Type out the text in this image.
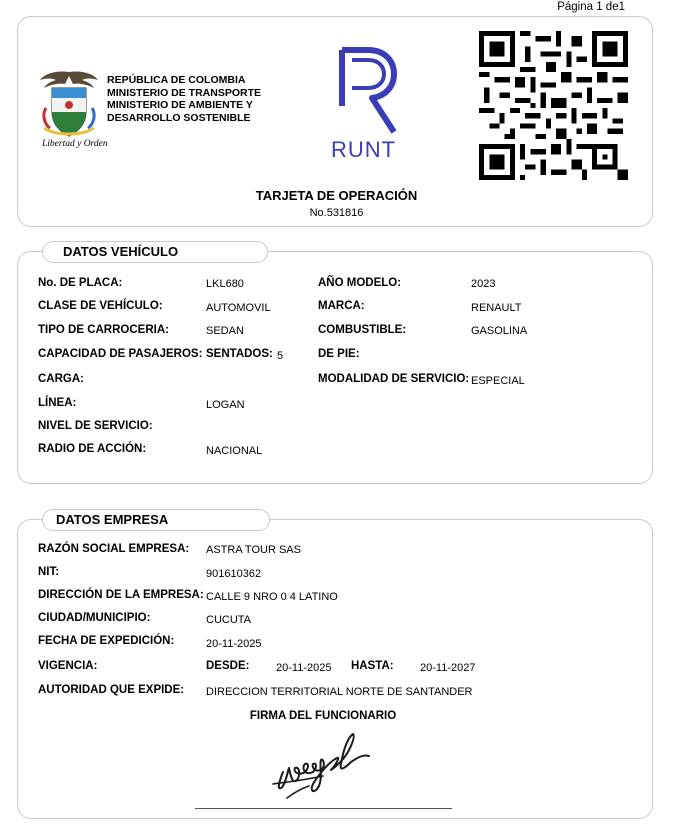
Página 1 de1
Libertad y Orden
REPÚBLICA DE COLOMBIA
MINISTERIO DE TRANSPORTE
MINISTERIO DE AMBIENTE Y
DESARROLLO SOSTENIBLE
RUNT
TARJETA DE OPERACIÓN
No.531816
DATOS VEHÍCULO
No. DE PLACA:	LKL680	AÑO MODELO:	2023
CLASE DE VEHÍCULO:	AUTOMOVIL	MARCA:	RENAULT
TIPO DE CARROCERIA:	SEDAN	COMBUSTIBLE:	GASOLINA
CAPACIDAD DE PASAJEROS: SENTADOS: 5	DE PIE:
CARGA:	MODALIDAD DE SERVICIO: ESPECIAL
LÍNEA:	LOGAN
NIVEL DE SERVICIO:
RADIO DE ACCIÓN:	NACIONAL
DATOS EMPRESA
RAZÓN SOCIAL EMPRESA: ASTRA TOUR SAS
NIT:	901610362
DIRECCIÓN DE LA EMPRESA: CALLE 9 NRO 0 4 LATINO
CIUDAD/MUNICIPIO:	CUCUTA
FECHA DE EXPEDICIÓN:	20-11-2025
VIGENCIA:	DESDE: 20-11-2025 HASTA: 20-11-2027
AUTORIDAD QUE EXPIDE: DIRECCION TERRITORIAL NORTE DE SANTANDER
FIRMA DEL FUNCIONARIO
